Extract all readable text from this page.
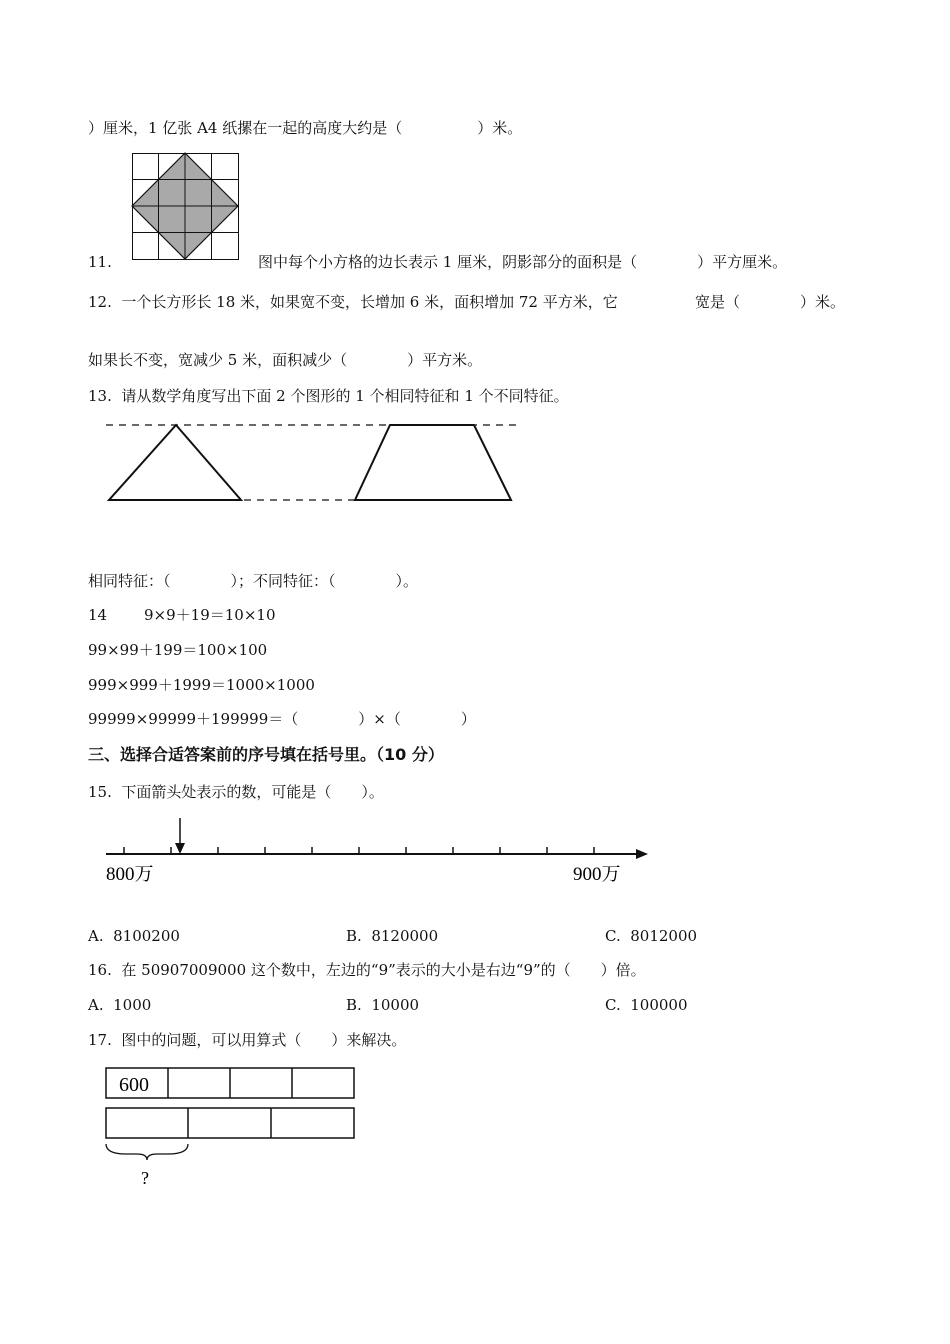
）厘米，1 亿张 A4 纸摞在一起的高度大约是（　　　　　）米。
11.	图中每个小方格的边长表示 1 厘米，阴影部分的面积是（　　　　）平方厘米。
12.  一个长方形长 18 米，如果宽不变，长增加 6 米，面积增加 72 平方米，它	宽是（　　　　）米。
如果长不变，宽减少 5 米，面积减少（　　　　）平方米。
13.  请从数学角度写出下面 2 个图形的 1 个相同特征和 1 个不同特征。
相同特征：（　　　　）；不同特征：（　　　　）。
14 9×9＋19＝10×10
99×99＋199＝100×100
999×999＋1999＝1000×1000
99999×99999＋199999＝（　　　　）×（　　　　）
三、选择合适答案前的序号填在括号里。（10 分）
15.  下面箭头处表示的数，可能是（　　）。
800万	900万
A.  8100200	B.  8120000	C.  8012000
16.  在 50907009000 这个数中，左边的“9”表示的大小是右边“9”的（　　）倍。
A.  1000	B.  10000	C.  100000
17.  图中的问题，可以用算式（　　）来解决。
600
?
